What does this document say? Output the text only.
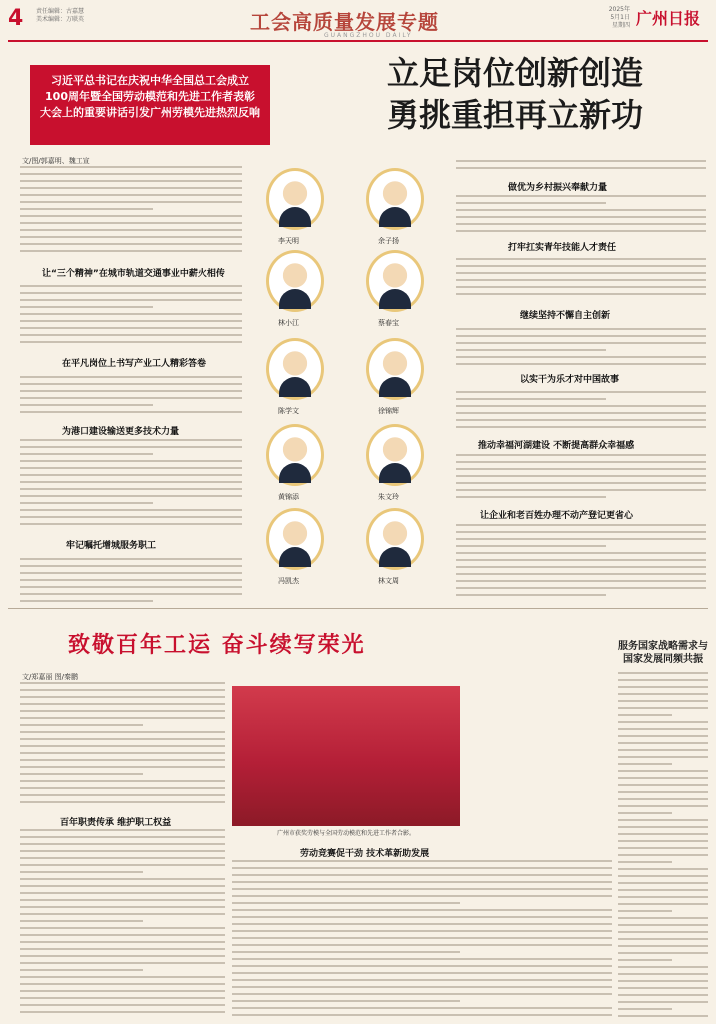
4 责任编辑：古嘉慧
美术编辑：万联英	工会高质量发展专题
GUANGZHOU DAILY
2025年
5月1日
星期四 广州日报
习近平总书记在庆祝中华全国总工会成立100周年暨全国劳动模范和先进工作者表彰大会上的重要讲话引发广州劳模先进热烈反响
立足岗位创新创造
勇挑重担再立新功
文/图/郭嘉明、魏工宣
让“三个精神”在城市轨道交通事业中薪火相传
在平凡岗位上书写产业工人精彩答卷
为港口建设输送更多技术力量
牢记嘱托增城服务职工
李天明	余子扬
林小江	蔡春宝
陈学文	徐锦辉
黄锦添	朱文玲
冯凯杰	林文周
做优为乡村振兴奉献力量
打牢扛实青年技能人才责任
继续坚持不懈自主创新
以实干为乐才对中国故事
推动幸福河湖建设 不断提高群众幸福感
让企业和老百姓办理不动产登记更省心
致敬百年工运 奋斗续写荣光
文/郑嘉丽 图/秦鹏
百年职责传承 维护职工权益
广州市获奖劳模与全国劳动模范和先进工作者合影。
劳动竞赛促干劲 技术革新助发展
服务国家战略需求与国家发展同频共振
